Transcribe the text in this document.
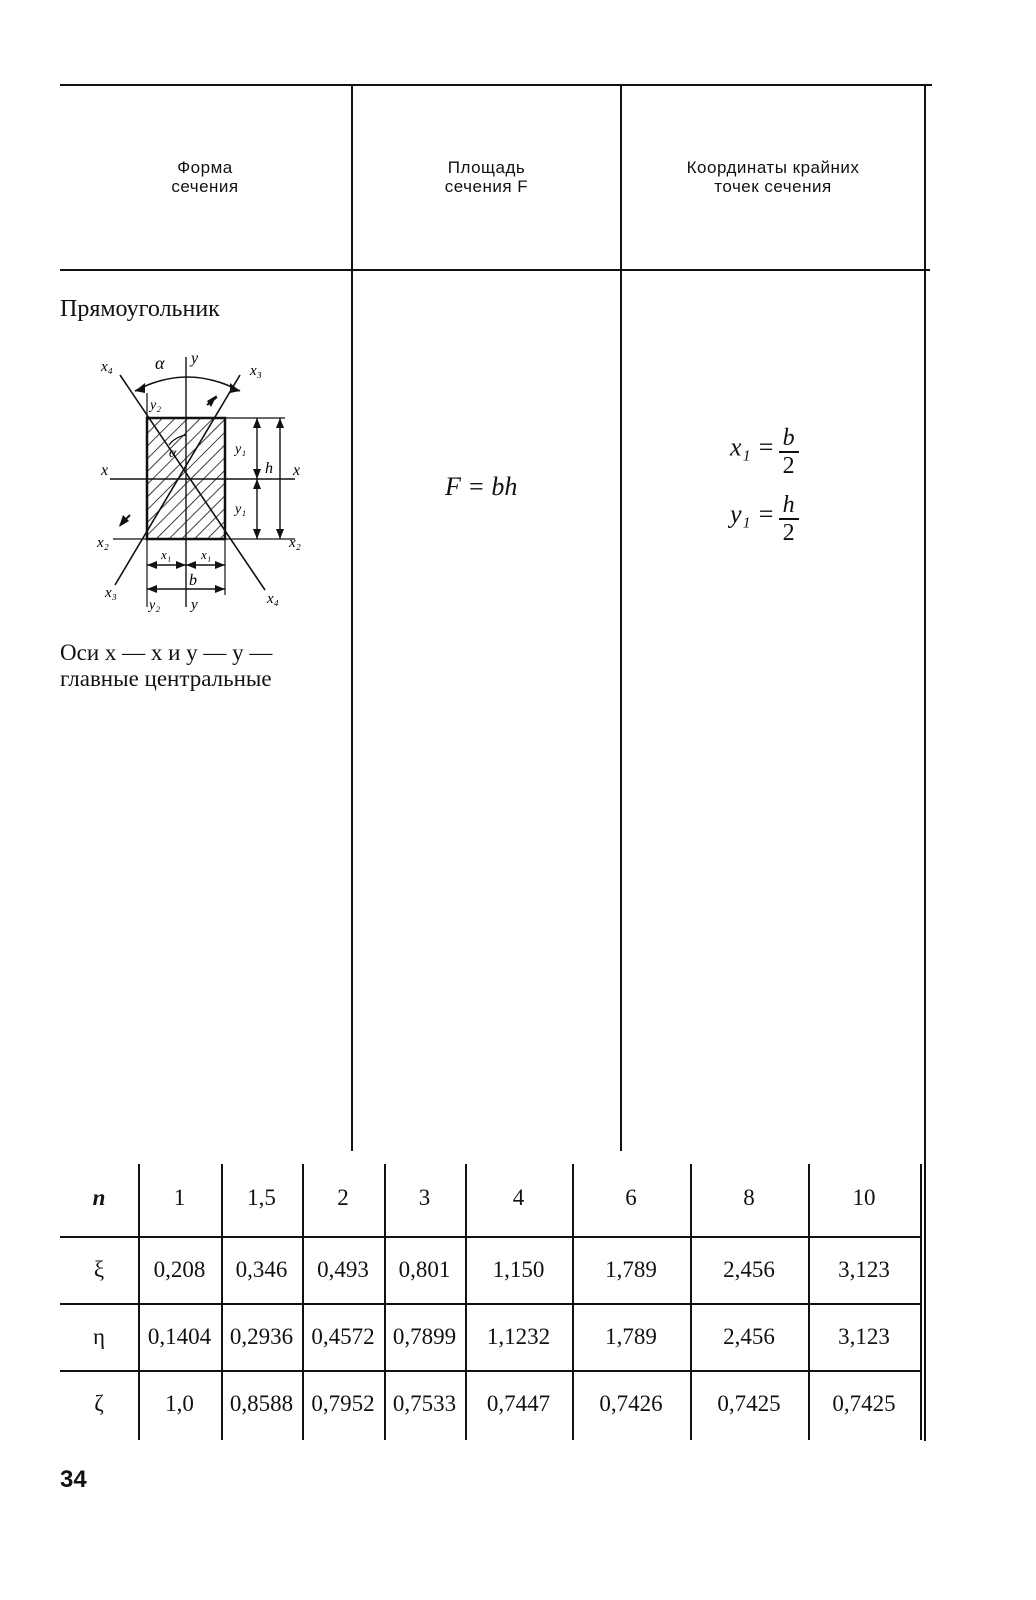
Форма
сечения
Площадь
сечения F
Координаты крайних
точек сечения
Прямоугольник
x₄ α y
x₃
y₂
α	y₁
h
x	x
y₁
x₂	x₂
x₁ x₁
b
x₃	x₄
y₂ y
Оси x — x и y — y —
главные центральные
F = bh
$x_1 = \frac{b}{2}$
$y_1 = \frac{h}{2}$
n	1	1,5	2	3	4	6	8	10
ξ	0,208	0,346	0,493	0,801	1,150	1,789	2,456	3,123
η	0,1404 0,2936 0,4572 0,7899	1,1232	1,789	2,456	3,123
ζ	1,0	0,8588 0,7952 0,7533	0,7447	0,7426	0,7425	0,7425
34
